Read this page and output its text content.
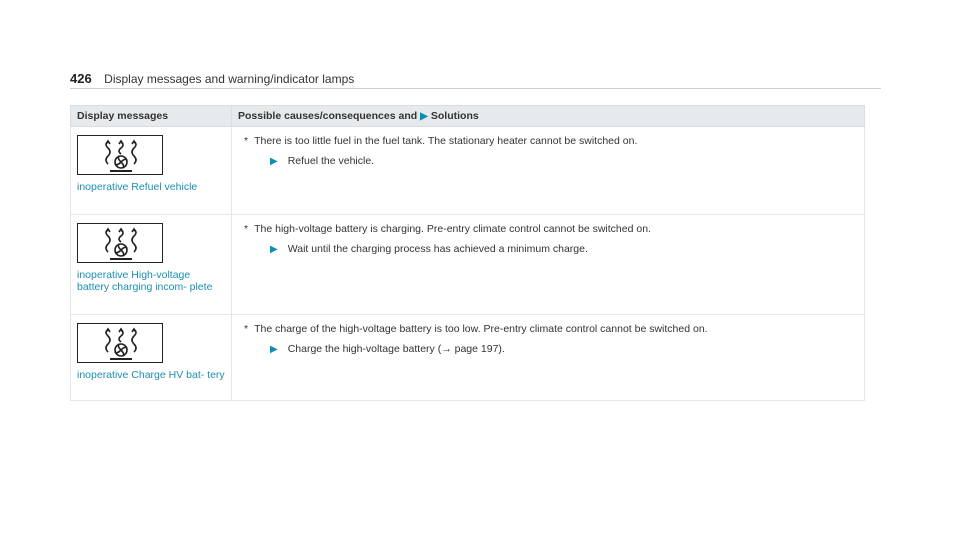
426 Display messages and warning/indicator lamps
Display messages	Possible causes/consequences and ▶ Solutions

inoperative Refuel vehicle	* There is too little fuel in the fuel tank. The stationary heater cannot be switched on.
▶ Refuel the vehicle.

inoperative High-voltage battery charging incom- plete	* The high-voltage battery is charging. Pre-entry climate control cannot be switched on.
▶ Wait until the charging process has achieved a minimum charge.

inoperative Charge HV bat- tery	* The charge of the high-voltage battery is too low. Pre-entry climate control cannot be switched on.
▶ Charge the high-voltage battery (→ page 197).
